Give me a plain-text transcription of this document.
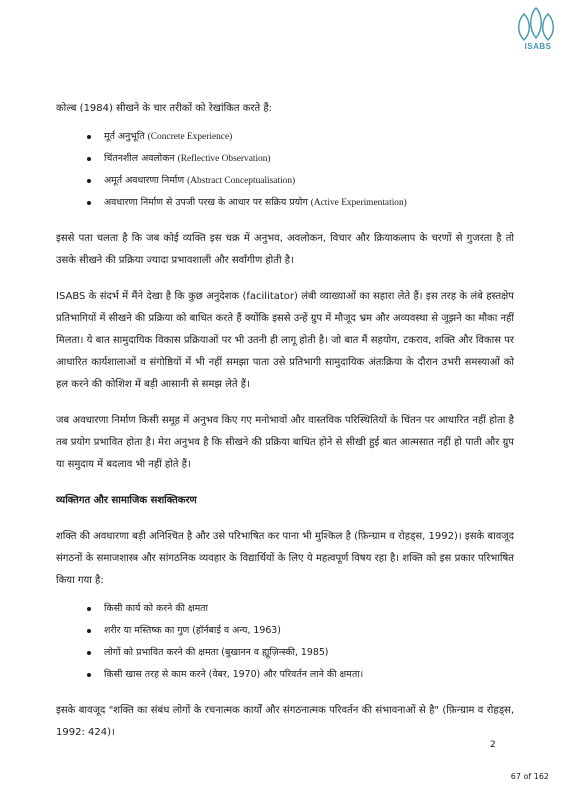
ISABS

कोल्ब (1984) सीखने के चार तरीकों को रेखांकित करते हैं:

मूर्त अनुभूति (Concrete Experience)
चिंतनशील अवलोकन (Reflective Observation)
अमूर्त अवधारणा निर्माण (Abstract Conceptualisation)
अवधारणा निर्माण से उपजी परख के आधार पर सक्रिय प्रयोग (Active Experimentation)

इससे पता चलता है कि जब कोई व्यक्ति इस चक्र में अनुभव, अवलोकन, विचार और क्रियाकलाप के चरणों से गुजरता है तो उसके सीखने की प्रक्रिया ज्यादा प्रभावशाली और सर्वांगीण होती है।

ISABS के संदर्भ में मैंने देखा है कि कुछ अनुदेशक (facilitator) लंबी व्याख्याओं का सहारा लेते हैं। इस तरह के लंबे हस्तक्षेप प्रतिभागियों में सीखने की प्रक्रिया को बाधित करते हैं क्योंकि इससे उन्हें ग्रुप में मौजूद भ्रम और अव्यवस्था से जूझने का मौका नहीं मिलता। ये बात सामुदायिक विकास प्रक्रियाओं पर भी उतनी ही लागू होती है। जो बात मैं सहयोग, टकराव, शक्ति और विकास पर आधारित कार्यशालाओं व संगोष्ठियों में भी नहीं समझा पाता उसे प्रतिभागी सामुदायिक अंतःक्रिया के दौरान उभरी समस्याओं को हल करने की कोशिश में बड़ी आसानी से समझ लेते हैं।

जब अवधारणा निर्माण किसी समूह में अनुभव किए गए मनोभावों और वास्तविक परिस्थितियों के चिंतन पर आधारित नहीं होता है तब प्रयोग प्रभावित होता है। मेरा अनुभव है कि सीखने की प्रक्रिया बाधित होने से सीखी हुई बात आत्मसात नहीं हो पाती और ग्रुप या समुदाय में बदलाव भी नहीं होते हैं।

व्यक्तिगत और सामाजिक सशक्तिकरण

शक्ति की अवधारणा बड़ी अनिश्चित है और उसे परिभाषित कर पाना भी मुश्किल है (फ़िन्ग्राम व रोहड्स, 1992)। इसके बावजूद संगठनों के समाजशास्त्र और सांगठनिक व्यवहार के विद्यार्थियों के लिए ये महत्वपूर्ण विषय रहा है। शक्ति को इस प्रकार परिभाषित किया गया है:

किसी कार्य को करने की क्षमता
शरीर या मस्तिष्क का गुण (हॉर्नबाई व अन्य, 1963)
लोगों को प्रभावित करने की क्षमता (बुखानन व ह्यूज़िन्स्की, 1985)
किसी खास तरह से काम करने (वेबर, 1970) और परिवर्तन लाने की क्षमता।

इसके बावजूद "शक्ति का संबंध लोगों के रचनात्मक कार्यों और संगठनात्मक परिवर्तन की संभावनाओं से है" (फ़िन्ग्राम व रोहड्स, 1992: 424)।

2
67 of 162
